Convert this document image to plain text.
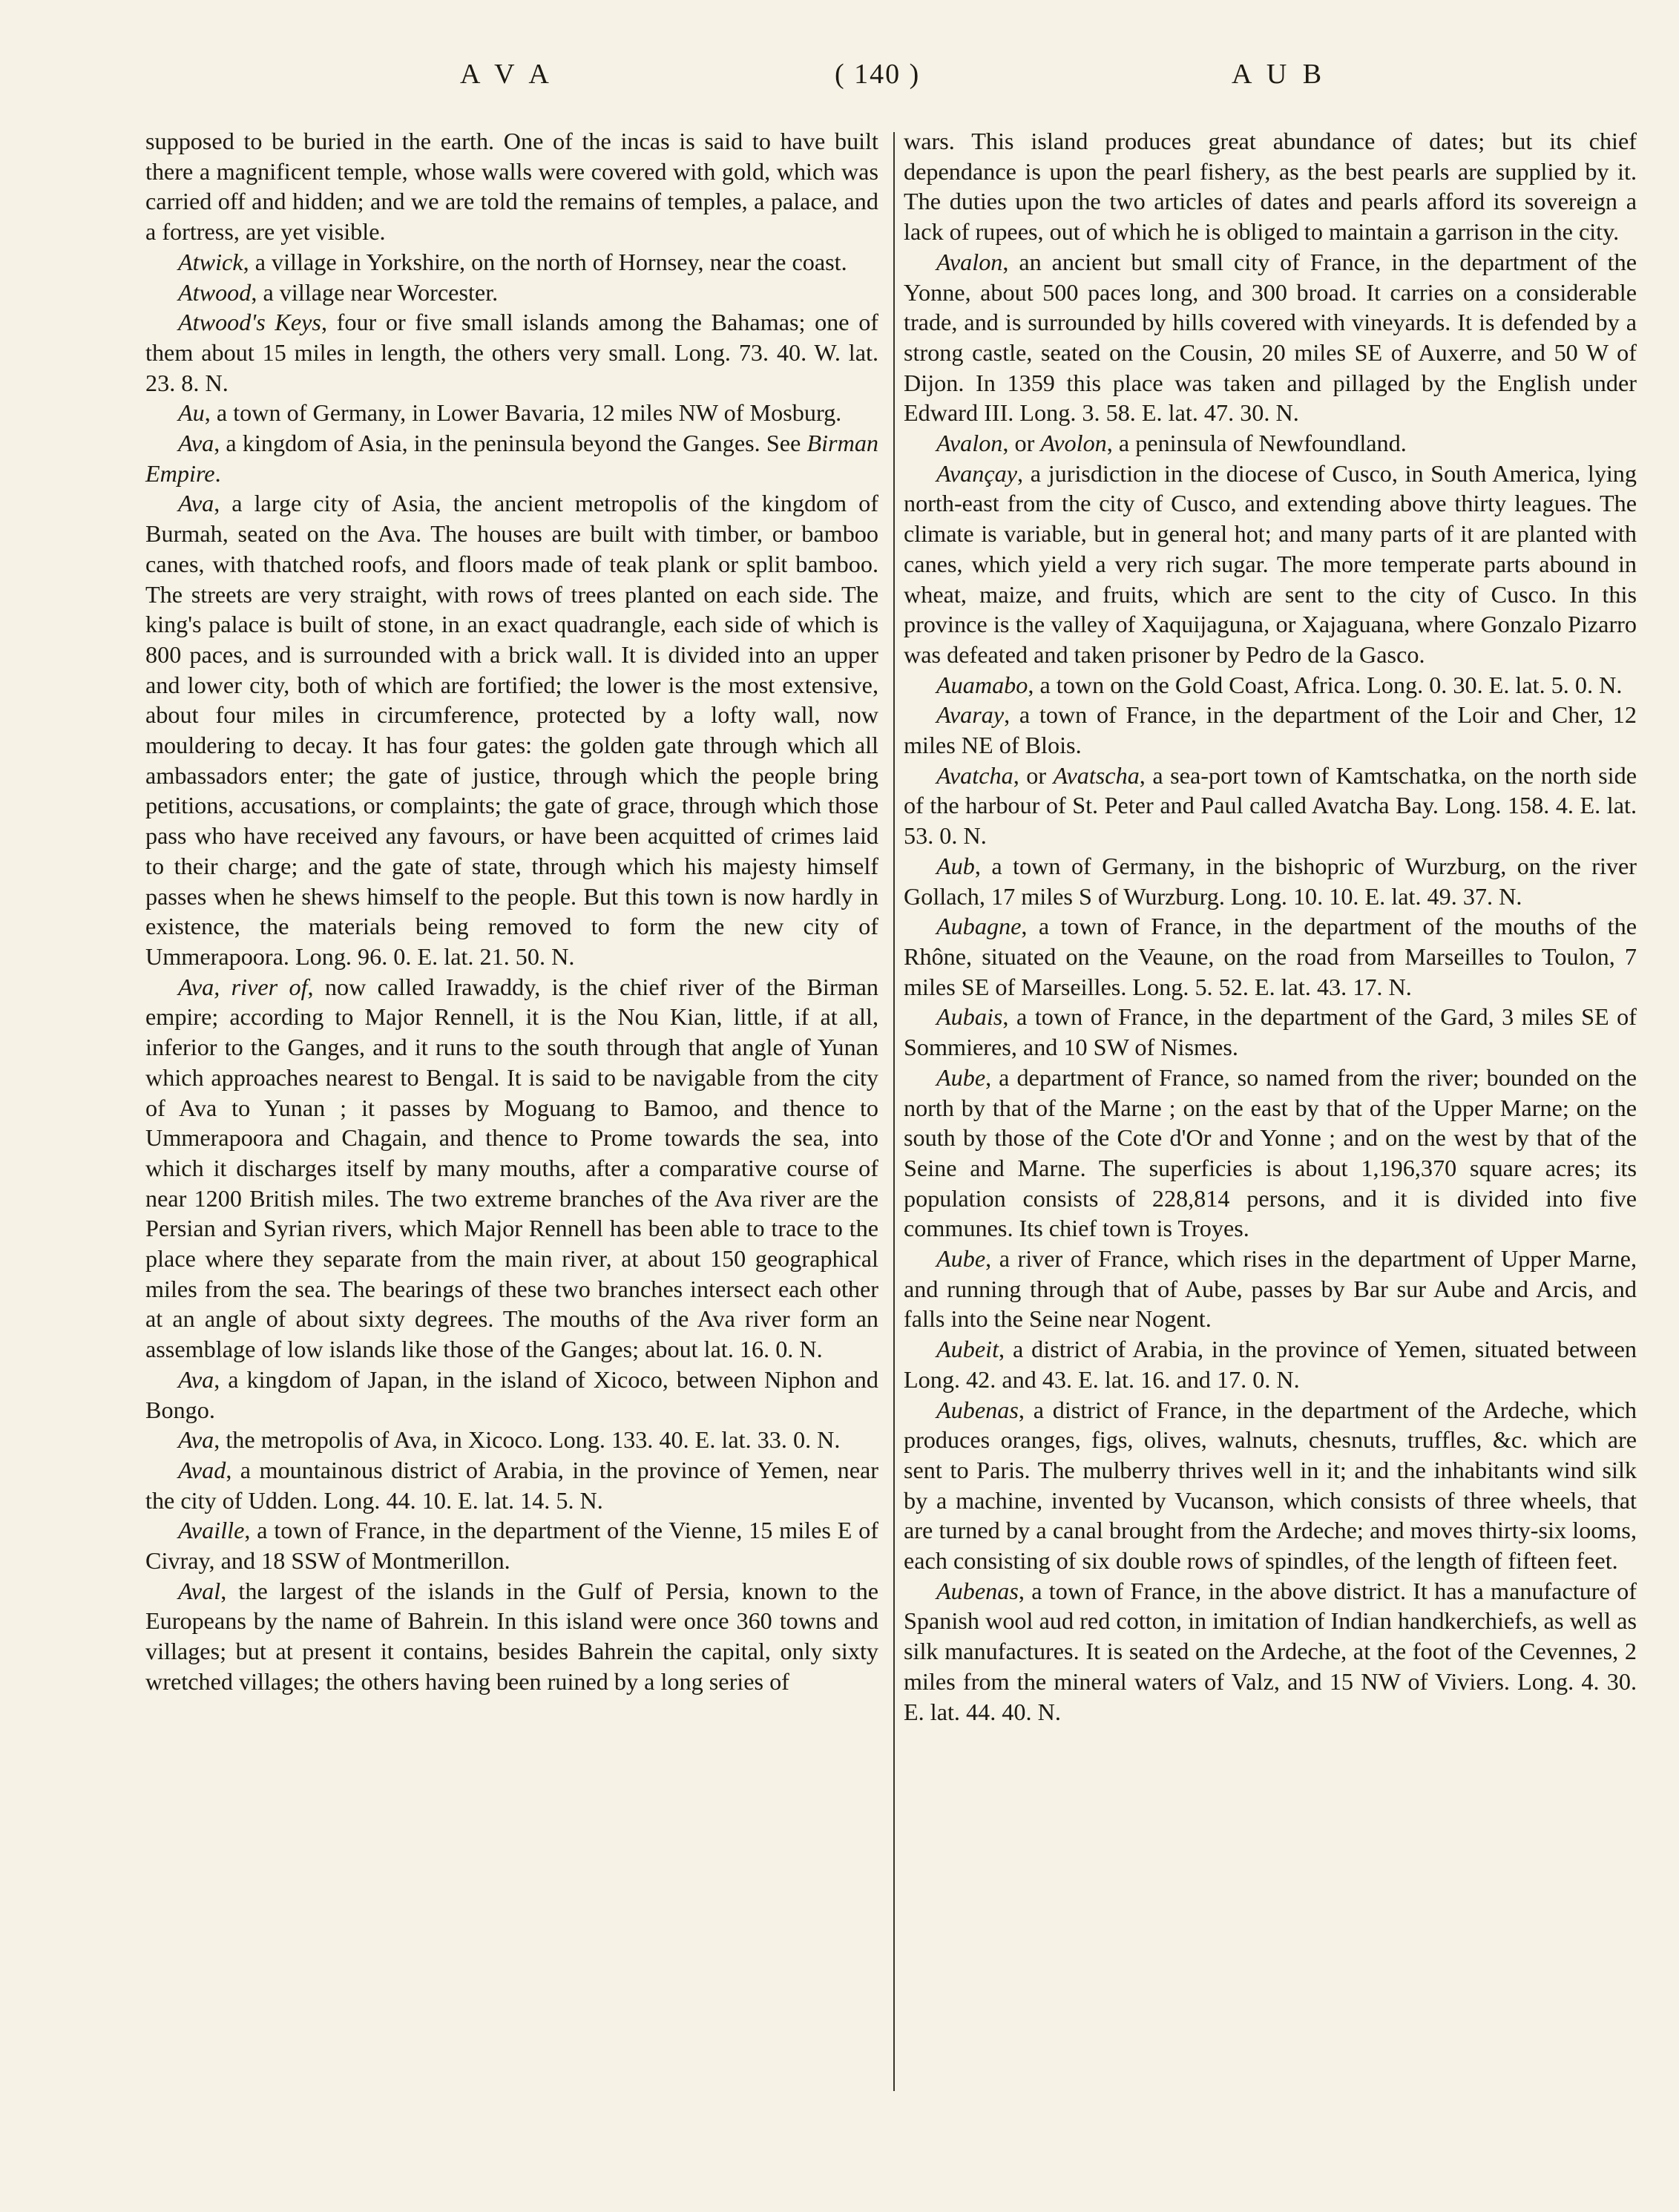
A V A	( 140 )	A U B

supposed to be buried in the earth. One of the incas is said to have built there a magnificent temple, whose walls were covered with gold, which was carried off and hidden; and we are told the remains of temples, a palace, and a fortress, are yet visible.

Atwick, a village in Yorkshire, on the north of Hornsey, near the coast.

Atwood, a village near Worcester.

Atwood's Keys, four or five small islands among the Bahamas; one of them about 15 miles in length, the others very small. Long. 73. 40. W. lat. 23. 8. N.

Au, a town of Germany, in Lower Bavaria, 12 miles NW of Mosburg.

Ava, a kingdom of Asia, in the peninsula beyond the Ganges. See Birman Empire.

Ava, a large city of Asia, the ancient metropolis of the kingdom of Burmah, seated on the Ava. The houses are built with timber, or bamboo canes, with thatched roofs, and floors made of teak plank or split bamboo. The streets are very straight, with rows of trees planted on each side. The king's palace is built of stone, in an exact quadrangle, each side of which is 800 paces, and is surrounded with a brick wall. It is divided into an upper and lower city, both of which are fortified; the lower is the most extensive, about four miles in circumference, protected by a lofty wall, now mouldering to decay. It has four gates: the golden gate through which all ambassadors enter; the gate of justice, through which the people bring petitions, accusations, or complaints; the gate of grace, through which those pass who have received any favours, or have been acquitted of crimes laid to their charge; and the gate of state, through which his majesty himself passes when he shews himself to the people. But this town is now hardly in existence, the materials being removed to form the new city of Ummerapoora. Long. 96. 0. E. lat. 21. 50. N.

Ava, river of, now called Irawaddy, is the chief river of the Birman empire; according to Major Rennell, it is the Nou Kian, little, if at all, inferior to the Ganges, and it runs to the south through that angle of Yunan which approaches nearest to Bengal. It is said to be navigable from the city of Ava to Yunan ; it passes by Moguang to Bamoo, and thence to Ummerapoora and Chagain, and thence to Prome towards the sea, into which it discharges itself by many mouths, after a comparative course of near 1200 British miles. The two extreme branches of the Ava river are the Persian and Syrian rivers, which Major Rennell has been able to trace to the place where they separate from the main river, at about 150 geographical miles from the sea. The bearings of these two branches intersect each other at an angle of about sixty degrees. The mouths of the Ava river form an assemblage of low islands like those of the Ganges; about lat. 16. 0. N.

Ava, a kingdom of Japan, in the island of Xicoco, between Niphon and Bongo.

Ava, the metropolis of Ava, in Xicoco. Long. 133. 40. E. lat. 33. 0. N.

Avad, a mountainous district of Arabia, in the province of Yemen, near the city of Udden. Long. 44. 10. E. lat. 14. 5. N.

Availle, a town of France, in the department of the Vienne, 15 miles E of Civray, and 18 SSW of Montmerillon.

Aval, the largest of the islands in the Gulf of Persia, known to the Europeans by the name of Bahrein. In this island were once 360 towns and villages; but at present it contains, besides Bahrein the capital, only sixty wretched villages; the others having been ruined by a long series of

wars. This island produces great abundance of dates; but its chief dependance is upon the pearl fishery, as the best pearls are supplied by it. The duties upon the two articles of dates and pearls afford its sovereign a lack of rupees, out of which he is obliged to maintain a garrison in the city.

Avalon, an ancient but small city of France, in the department of the Yonne, about 500 paces long, and 300 broad. It carries on a considerable trade, and is surrounded by hills covered with vineyards. It is defended by a strong castle, seated on the Cousin, 20 miles SE of Auxerre, and 50 W of Dijon. In 1359 this place was taken and pillaged by the English under Edward III. Long. 3. 58. E. lat. 47. 30. N.

Avalon, or Avolon, a peninsula of Newfoundland.

Avançay, a jurisdiction in the diocese of Cusco, in South America, lying north-east from the city of Cusco, and extending above thirty leagues. The climate is variable, but in general hot; and many parts of it are planted with canes, which yield a very rich sugar. The more temperate parts abound in wheat, maize, and fruits, which are sent to the city of Cusco. In this province is the valley of Xaquijaguna, or Xajaguana, where Gonzalo Pizarro was defeated and taken prisoner by Pedro de la Gasco.

Auamabo, a town on the Gold Coast, Africa. Long. 0. 30. E. lat. 5. 0. N.

Avaray, a town of France, in the department of the Loir and Cher, 12 miles NE of Blois.

Avatcha, or Avatscha, a sea-port town of Kamtschatka, on the north side of the harbour of St. Peter and Paul called Avatcha Bay. Long. 158. 4. E. lat. 53. 0. N.

Aub, a town of Germany, in the bishopric of Wurzburg, on the river Gollach, 17 miles S of Wurzburg. Long. 10. 10. E. lat. 49. 37. N.

Aubagne, a town of France, in the department of the mouths of the Rhône, situated on the Veaune, on the road from Marseilles to Toulon, 7 miles SE of Marseilles. Long. 5. 52. E. lat. 43. 17. N.

Aubais, a town of France, in the department of the Gard, 3 miles SE of Sommieres, and 10 SW of Nismes.

Aube, a department of France, so named from the river; bounded on the north by that of the Marne ; on the east by that of the Upper Marne; on the south by those of the Cote d'Or and Yonne ; and on the west by that of the Seine and Marne. The superficies is about 1,196,370 square acres; its population consists of 228,814 persons, and it is divided into five communes. Its chief town is Troyes.

Aube, a river of France, which rises in the department of Upper Marne, and running through that of Aube, passes by Bar sur Aube and Arcis, and falls into the Seine near Nogent.

Aubeit, a district of Arabia, in the province of Yemen, situated between Long. 42. and 43. E. lat. 16. and 17. 0. N.

Aubenas, a district of France, in the department of the Ardeche, which produces oranges, figs, olives, walnuts, chesnuts, truffles, &c. which are sent to Paris. The mulberry thrives well in it; and the inhabitants wind silk by a machine, invented by Vucanson, which consists of three wheels, that are turned by a canal brought from the Ardeche; and moves thirty-six looms, each consisting of six double rows of spindles, of the length of fifteen feet.

Aubenas, a town of France, in the above district. It has a manufacture of Spanish wool aud red cotton, in imitation of Indian handkerchiefs, as well as silk manufactures. It is seated on the Ardeche, at the foot of the Cevennes, 2 miles from the mineral waters of Valz, and 15 NW of Viviers. Long. 4. 30. E. lat. 44. 40. N.
